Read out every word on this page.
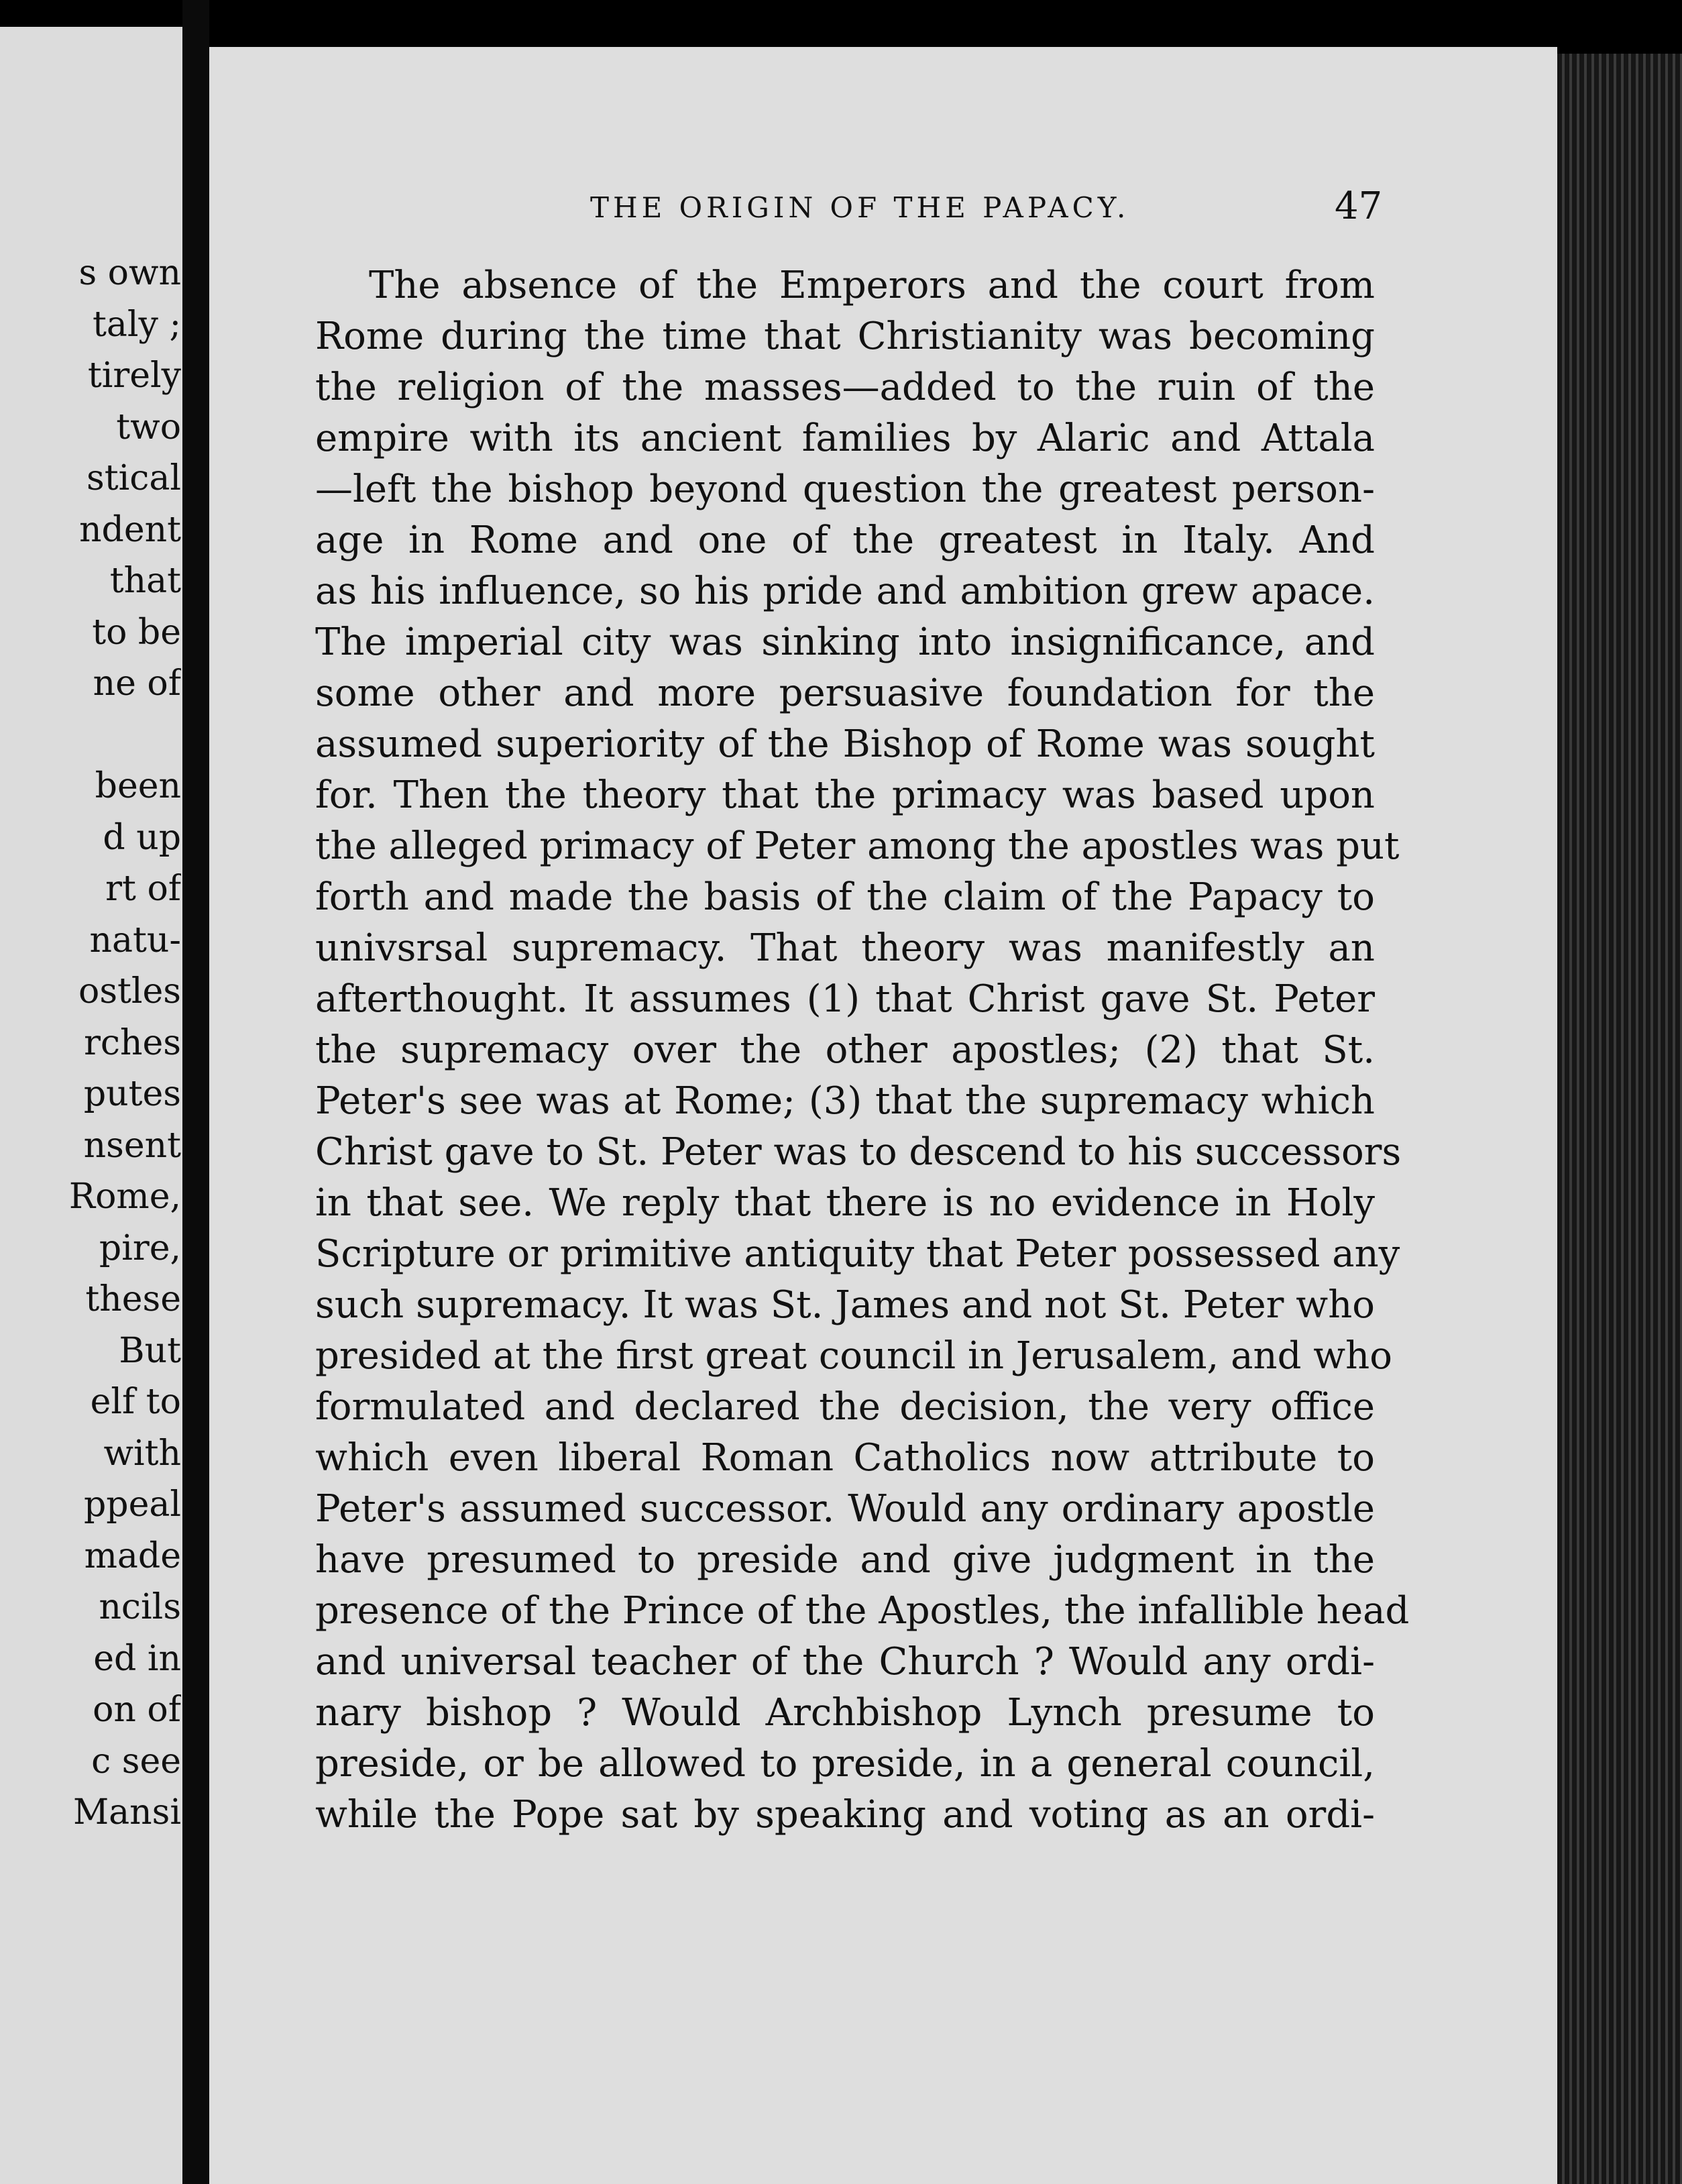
s own
taly ;
tirely
two
stical
ndent
that
to be
ne of
been
d up
rt of
natu-
ostles
rches
putes
nsent
Rome,
pire,
these
But
elf to
with
ppeal
made
ncils
ed in
on of
c see
Mansi
THE ORIGIN OF THE PAPACY.	47
The absence of the Emperors and the court from
Rome during the time that Christianity was becoming
the religion of the masses—added to the ruin of the
empire with its ancient families by Alaric and Attala
—left the bishop beyond question the greatest person-
age in Rome and one of the greatest in Italy. And
as his influence, so his pride and ambition grew apace.
The imperial city was sinking into insignificance, and
some other and more persuasive foundation for the
assumed superiority of the Bishop of Rome was sought
for. Then the theory that the primacy was based upon
the alleged primacy of Peter among the apostles was put
forth and made the basis of the claim of the Papacy to
univsrsal supremacy. That theory was manifestly an
afterthought. It assumes (1) that Christ gave St. Peter
the supremacy over the other apostles; (2) that St.
Peter's see was at Rome; (3) that the supremacy which
Christ gave to St. Peter was to descend to his successors
in that see. We reply that there is no evidence in Holy
Scripture or primitive antiquity that Peter possessed any
such supremacy. It was St. James and not St. Peter who
presided at the first great council in Jerusalem, and who
formulated and declared the decision, the very office
which even liberal Roman Catholics now attribute to
Peter's assumed successor. Would any ordinary apostle
have presumed to preside and give judgment in the
presence of the Prince of the Apostles, the infallible head
and universal teacher of the Church ? Would any ordi-
nary bishop ? Would Archbishop Lynch presume to
preside, or be allowed to preside, in a general council,
while the Pope sat by speaking and voting as an ordi-
